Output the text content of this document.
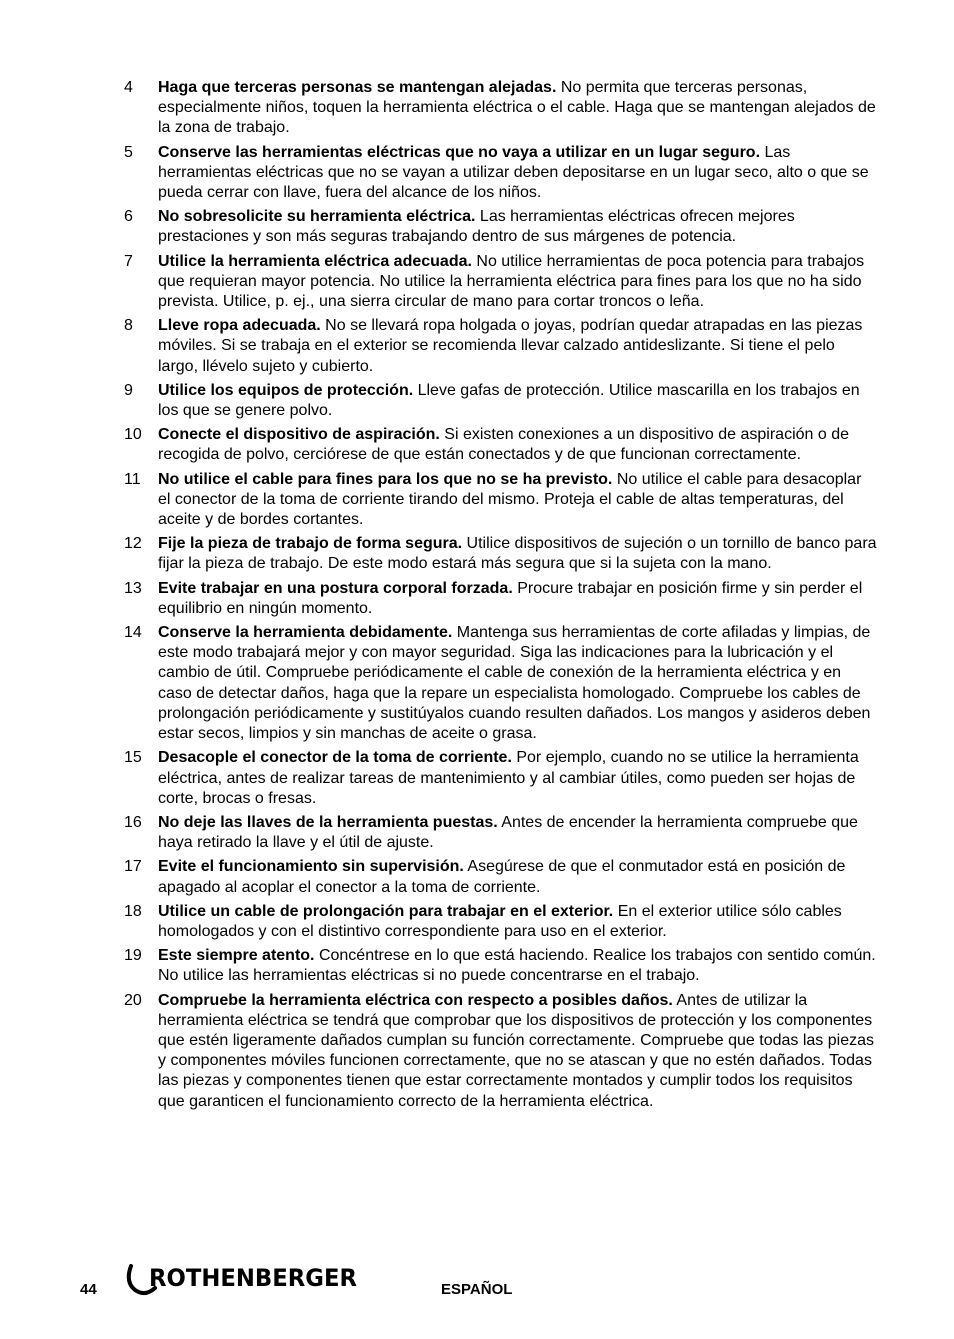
4	Haga que terceras personas se mantengan alejadas. No permita que terceras personas, especialmente niños, toquen la herramienta eléctrica o el cable. Haga que se mantengan alejados de la zona de trabajo.
5	Conserve las herramientas eléctricas que no vaya a utilizar en un lugar seguro. Las herramientas eléctricas que no se vayan a utilizar deben depositarse en un lugar seco, alto o que se pueda cerrar con llave, fuera del alcance de los niños.
6	No sobresolicite su herramienta eléctrica. Las herramientas eléctricas ofrecen mejores prestaciones y son más seguras trabajando dentro de sus márgenes de potencia.
7	Utilice la herramienta eléctrica adecuada. No utilice herramientas de poca potencia para trabajos que requieran mayor potencia. No utilice la herramienta eléctrica para fines para los que no ha sido prevista. Utilice, p. ej., una sierra circular de mano para cortar troncos o leña.
8	Lleve ropa adecuada. No se llevará ropa holgada o joyas, podrían quedar atrapadas en las piezas móviles. Si se trabaja en el exterior se recomienda llevar calzado antideslizante. Si tiene el pelo largo, llévelo sujeto y cubierto.
9	Utilice los equipos de protección. Lleve gafas de protección. Utilice mascarilla en los trabajos en los que se genere polvo.
10	Conecte el dispositivo de aspiración. Si existen conexiones a un dispositivo de aspiración o de recogida de polvo, cerciórese de que están conectados y de que funcionan correctamente.
11	No utilice el cable para fines para los que no se ha previsto. No utilice el cable para desacoplar el conector de la toma de corriente tirando del mismo. Proteja el cable de altas temperaturas, del aceite y de bordes cortantes.
12	Fije la pieza de trabajo de forma segura. Utilice dispositivos de sujeción o un tornillo de banco para fijar la pieza de trabajo. De este modo estará más segura que si la sujeta con la mano.
13	Evite trabajar en una postura corporal forzada. Procure trabajar en posición firme y sin perder el equilibrio en ningún momento.
14	Conserve la herramienta debidamente. Mantenga sus herramientas de corte afiladas y limpias, de este modo trabajará mejor y con mayor seguridad. Siga las indicaciones para la lubricación y el cambio de útil. Compruebe periódicamente el cable de conexión de la herramienta eléctrica y en caso de detectar daños, haga que la repare un especialista homologado. Compruebe los cables de prolongación periódicamente y sustitúyalos cuando resulten dañados. Los mangos y asideros deben estar secos, limpios y sin manchas de aceite o grasa.
15	Desacople el conector de la toma de corriente. Por ejemplo, cuando no se utilice la herramienta eléctrica, antes de realizar tareas de mantenimiento y al cambiar útiles, como pueden ser hojas de corte, brocas o fresas.
16	No deje las llaves de la herramienta puestas. Antes de encender la herramienta compruebe que haya retirado la llave y el útil de ajuste.
17	Evite el funcionamiento sin supervisión. Asegúrese de que el conmutador está en posición de apagado al acoplar el conector a la toma de corriente.
18	Utilice un cable de prolongación para trabajar en el exterior. En el exterior utilice sólo cables homologados y con el distintivo correspondiente para uso en el exterior.
19	Este siempre atento. Concéntrese en lo que está haciendo. Realice los trabajos con sentido común. No utilice las herramientas eléctricas si no puede concentrarse en el trabajo.
20	Compruebe la herramienta eléctrica con respecto a posibles daños. Antes de utilizar la herramienta eléctrica se tendrá que comprobar que los dispositivos de protección y los componentes que estén ligeramente dañados cumplan su función correctamente. Compruebe que todas las piezas y componentes móviles funcionen correctamente, que no se atascan y que no estén dañados. Todas las piezas y componentes tienen que estar correctamente montados y cumplir todos los requisitos que garanticen el funcionamiento correcto de la herramienta eléctrica.
44 ROTHENBERGER	ESPAÑOL
